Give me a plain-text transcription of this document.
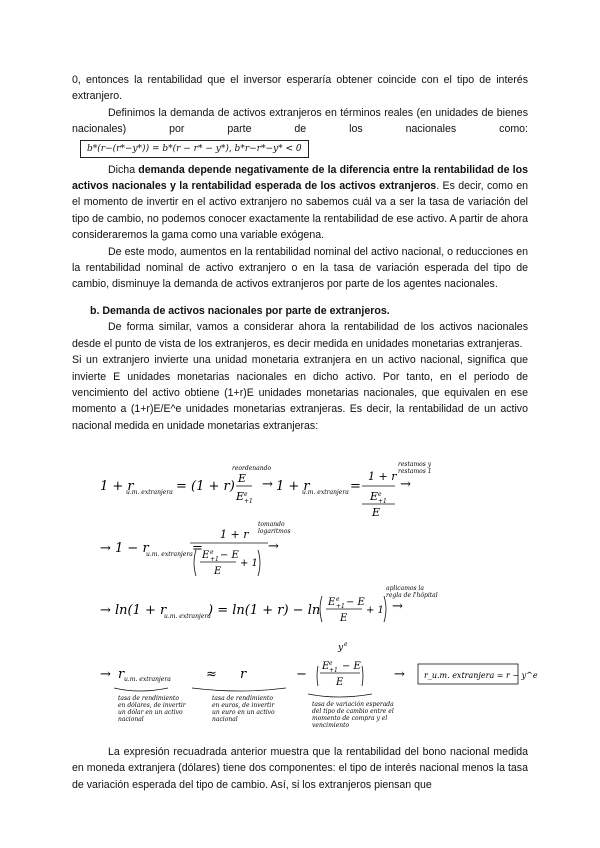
0, entonces la rentabilidad que el inversor esperaría obtener coincide con el tipo de interés extranjero.

Definimos la demanda de activos extranjeros en términos reales (en unidades de bienes nacionales) por parte de los nacionales como:

b*(r−(r*−y*)) = b*(r − r* − y*), b*r−r*−y* < 0

Dicha demanda depende negativamente de la diferencia entre la rentabilidad de los activos nacionales y la rentabilidad esperada de los activos extranjeros. Es decir, como en el momento de invertir en el activo extranjero no sabemos cuál va a ser la tasa de variación del tipo de cambio, no podemos conocer exactamente la rentabilidad de ese activo. A partir de ahora consideraremos la gama como una variable exógena.

De este modo, aumentos en la rentabilidad nominal del activo nacional, o reducciones en la rentabilidad nominal de activo extranjero o en la tasa de variación esperada del tipo de cambio, disminuye la demanda de activos extranjeros por parte de los agentes nacionales.

b. Demanda de activos nacionales por parte de extranjeros.

De forma similar, vamos a considerar ahora la rentabilidad de los activos nacionales desde el punto de vista de los extranjeros, es decir medida en unidades monetarias extranjeras.

Si un extranjero invierte una unidad monetaria extranjera en un activo nacional, significa que invierte E unidades monetarias nacionales en dicho activo. Por tanto, en el periodo de vencimiento del activo obtiene (1+r)E unidades monetarias nacionales, que equivalen en ese momento a (1+r)E/E^e unidades monetarias extranjeras. Es decir, la rentabilidad de un activo nacional medida en unidade monetarias extranjeras:

1 + r
u.m. extranjera = (1 + r)
E
E e
+1
→ 1 + r
u.m. extranjera =
1 + r
E e
+1
E
→
reordenando
restamos y
restamos 1
→ 1 − r
u.m. extranjera =
1 + r
E e
+1 − E
E
+ 1
→
tomando
logaritmos
→ ln(1 + r
u.m. extranjera
) = ln(1 + r) − ln
E e
+1 − E
E
+ 1 →
aplicamos la
regla de l'hôpital
→ r u.m. extranjera	≈ r	−
y e
E e
+1 − E
E
→ r_u.m. extranjera = r − y^e
tasa de rendimiento
en dólares, de invertir
un dólar en un activo
nacional
tasa de rendimiento
en euros, de invertir
un euro en un activo
nacional
tasa de variación esperada
del tipo de cambio entre el
momento de compra y el
vencimiento

La expresión recuadrada anterior muestra que la rentabilidad del bono nacional medida en moneda extranjera (dólares) tiene dos componentes: el tipo de interés nacional menos la tasa de variación esperada del tipo de cambio. Así, si los extranjeros piensan que
